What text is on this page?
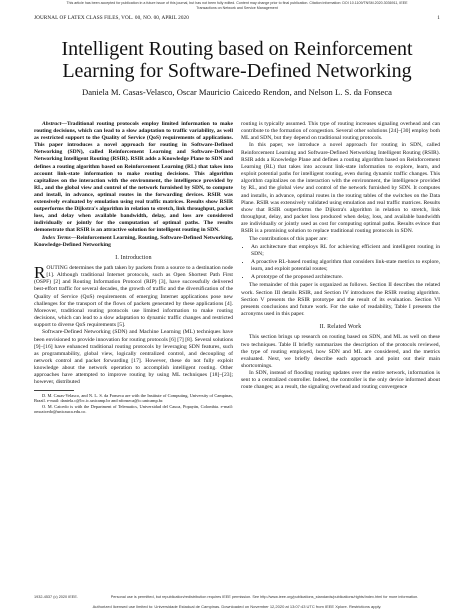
This article has been accepted for publication in a future issue of this journal, but has not been fully edited. Content may change prior to final publication. Citation information: DOI 10.1109/TNSM.2020.3036911, IEEE
Transactions on Network and Service Management
JOURNAL OF LATEX CLASS FILES, VOL. 00, NO. 00, APRIL 2020	1
Intelligent Routing based on Reinforcement
Learning for Software-Defined Networking
Daniela M. Casas-Velasco, Oscar Mauricio Caicedo Rendon, and Nelson L. S. da Fonseca

Abstract—Traditional routing protocols employ limited information to make routing decisions, which can lead to a slow adaptation to traffic variability, as well as restricted support to the Quality of Service (QoS) requirements of applications. This paper introduces a novel approach for routing in Software-Defined Networking (SDN), called Reinforcement Learning and Software-Defined Networking Intelligent Routing (RSIR). RSIR adds a Knowledge Plane to SDN and defines a routing algorithm based on Reinforcement Learning (RL) that takes into account link-state information to make routing decisions. This algorithm capitalizes on the interaction with the environment, the intelligence provided by RL, and the global view and control of the network furnished by SDN, to compute and install, in advance, optimal routes in the forwarding devices. RSIR was extensively evaluated by emulation using real traffic matrices. Results show RSIR outperforms the Dijkstra's algorithm in relation to stretch, link throughput, packet loss, and delay when available bandwidth, delay, and loss are considered individually or jointly for the computation of optimal paths. The results demonstrate that RSIR is an attractive solution for intelligent routing in SDN.

Index Terms—Reinforcement Learning, Routing, Software-Defined Networking, Knowledge-Defined Networking

I. Introduction

ROUTING determines the path taken by packets from a source to a destination node [1]. Although traditional Internet protocols, such as Open Shortest Path First (OSPF) [2] and Routing Information Protocol (RIP) [3], have successfully delivered best-effort traffic for several decades, the growth of traffic and the diversification of the Quality of Service (QoS) requirements of emerging Internet applications pose new challenges for the transport of the flows of packets generated by these applications [4]. Moreover, traditional routing protocols use limited information to make routing decisions, which can lead to a slow adaptation to dynamic traffic changes and restricted support to diverse QoS requirements [5].

Software-Defined Networking (SDN) and Machine Learning (ML) techniques have been envisioned to provide innovation for routing protocols [6] [7] [8]. Several solutions [9]–[16] have enhanced traditional routing protocols by leveraging SDN features, such as programmability, global view, logically centralized control, and decoupling of network control and packet forwarding [17]. However, these do not fully exploit knowledge about the network operation to accomplish intelligent routing. Other approaches have attempted to improve routing by using ML techniques [18]–[23]; however, distributed

D. M. Casas-Velasco, and N. L. S. da Fonseca are with the Institute of Computing, University of Campinas, Brazil. e-mail: daniela.c@lrc.ic.unicamp.br and nfonseca@ic.unicamp.br.

O. M. Caicedo is with the Department of Telematics, Universidad del Cauca, Popayán, Colombia. e-mail: omcaicedo@unicauca.edu.co.

routing is typically assumed. This type of routing increases signaling overhead and can contribute to the formation of congestion. Several other solutions [24]–[30] employ both ML and SDN, but they depend on traditional routing protocols.

In this paper, we introduce a novel approach for routing in SDN, called Reinforcement Learning and Software-Defined Networking Intelligent Routing (RSIR). RSIR adds a Knowledge Plane and defines a routing algorithm based on Reinforcement Learning (RL) that takes into account link-state information to explore, learn, and exploit potential paths for intelligent routing, even during dynamic traffic changes. This algorithm capitalizes on the interaction with the environment, the intelligence provided by RL, and the global view and control of the network furnished by SDN. It computes and installs, in advance, optimal routes in the routing tables of the switches on the Data Plane. RSIR was extensively validated using emulation and real traffic matrices. Results show that RSIR outperforms the Dijkstra's algorithm in relation to stretch, link throughput, delay, and packet loss produced when delay, loss, and available bandwidth are individually or jointly used as cost for computing optimal paths. Results evince that RSIR is a promising solution to replace traditional routing protocols in SDN.

The contributions of this paper are:

• An architecture that employs RL for achieving efficient and intelligent routing in SDN;
• A proactive RL-based routing algorithm that considers link-state metrics to explore, learn, and exploit potential routes;
• A prototype of the proposed architecture.

The remainder of this paper is organized as follows. Section II describes the related work. Section III details RSIR, and Section IV introduces the RSIR routing algorithm. Section V presents the RSIR prototype and the result of its evaluation. Section VI presents conclusions and future work. For the sake of readability, Table I presents the acronyms used in this paper.

II. Related Work

This section brings up research on routing based on SDN, and ML as well on these two techniques. Table II briefly summarizes the description of the protocols reviewed, the type of routing employed, how SDN and ML are considered, and the metrics evaluated. Next, we briefly describe each approach and point out their main shortcomings.

In SDN, instead of flooding routing updates over the entire network, information is sent to a centralized controller. Indeed, the controller is the only device informed about route changes; as a result, the signaling overhead and routing convergence

1932-4537 (c) 2020 IEEE.	Personal use is permitted, but republication/redistribution requires IEEE permission. See http://www.ieee.org/publications_standards/publications/rights/index.html for more information.
Authorized licensed use limited to: Universidade Estadual de Campinas. Downloaded on November 12,2020 at 13:07:43 UTC from IEEE Xplore. Restrictions apply.
